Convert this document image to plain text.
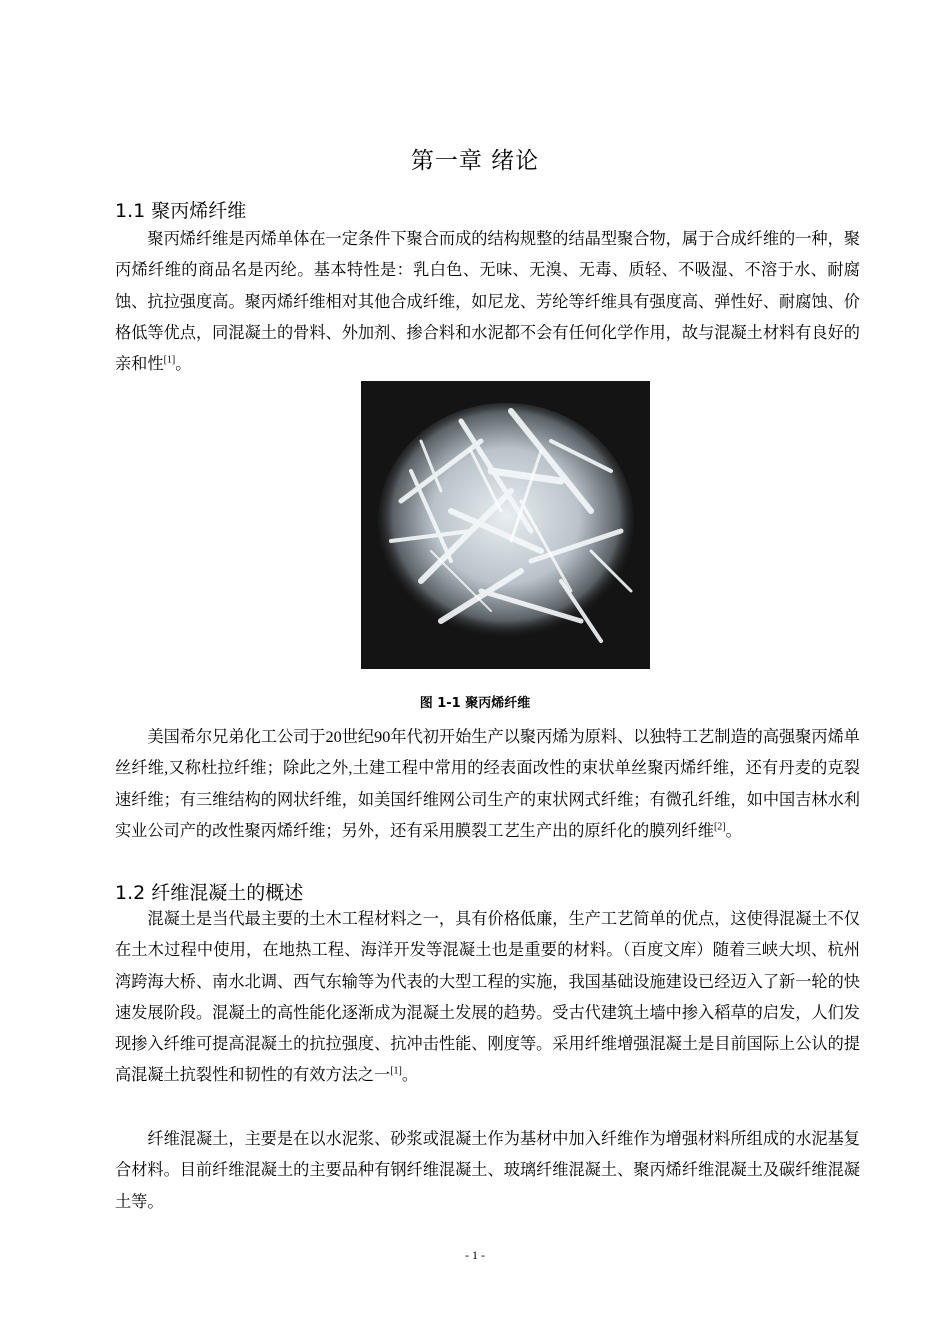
第一章 绪论
1.1 聚丙烯纤维
聚丙烯纤维是丙烯单体在一定条件下聚合而成的结构规整的结晶型聚合物，属于合成纤维的一种，聚丙烯纤维的商品名是丙纶。基本特性是：乳白色、无味、无溴、无毒、质轻、不吸湿、不溶于水、耐腐蚀、抗拉强度高。聚丙烯纤维相对其他合成纤维，如尼龙、芳纶等纤维具有强度高、弹性好、耐腐蚀、价格低等优点，同混凝土的骨料、外加剂、掺合料和水泥都不会有任何化学作用，故与混凝土材料有良好的亲和性[1]。
图 1-1 聚丙烯纤维
美国希尔兄弟化工公司于20世纪90年代初开始生产以聚丙烯为原料、以独特工艺制造的高强聚丙烯单丝纤维,又称杜拉纤维；除此之外,土建工程中常用的经表面改性的束状单丝聚丙烯纤维，还有丹麦的克裂速纤维；有三维结构的网状纤维，如美国纤维网公司生产的束状网式纤维；有微孔纤维，如中国吉林水利实业公司产的改性聚丙烯纤维；另外，还有采用膜裂工艺生产出的原纤化的膜列纤维[2]。
1.2 纤维混凝土的概述
混凝土是当代最主要的土木工程材料之一，具有价格低廉，生产工艺简单的优点，这使得混凝土不仅在土木过程中使用，在地热工程、海洋开发等混凝土也是重要的材料。（百度文库）随着三峡大坝、杭州湾跨海大桥、南水北调、西气东输等为代表的大型工程的实施，我国基础设施建设已经迈入了新一轮的快速发展阶段。混凝土的高性能化逐渐成为混凝土发展的趋势。受古代建筑土墙中掺入稻草的启发，人们发现掺入纤维可提高混凝土的抗拉强度、抗冲击性能、刚度等。采用纤维增强混凝土是目前国际上公认的提高混凝土抗裂性和韧性的有效方法之一[1]。
纤维混凝土，主要是在以水泥浆、砂浆或混凝土作为基材中加入纤维作为增强材料所组成的水泥基复合材料。目前纤维混凝土的主要品种有钢纤维混凝土、玻璃纤维混凝土、聚丙烯纤维混凝土及碳纤维混凝土等。
- 1 -
